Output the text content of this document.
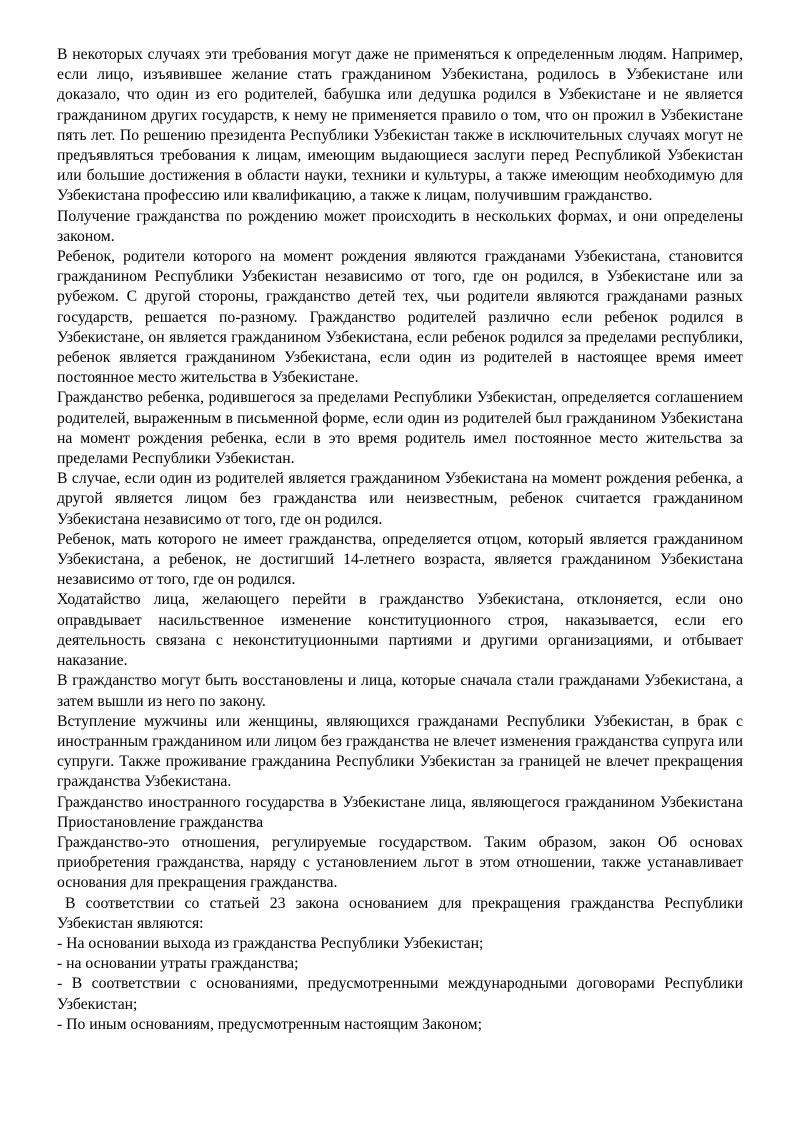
В некоторых случаях эти требования могут даже не применяться к определенным людям. Например, если лицо, изъявившее желание стать гражданином Узбекистана, родилось в Узбекистане или доказало, что один из его родителей, бабушка или дедушка родился в Узбекистане и не является гражданином других государств, к нему не применяется правило о том, что он прожил в Узбекистане пять лет. По решению президента Республики Узбекистан также в исключительных случаях могут не предъявляться требования к лицам, имеющим выдающиеся заслуги перед Республикой Узбекистан или большие достижения в области науки, техники и культуры, а также имеющим необходимую для Узбекистана профессию или квалификацию, а также к лицам, получившим гражданство.

Получение гражданства по рождению может происходить в нескольких формах, и они определены законом.

Ребенок, родители которого на момент рождения являются гражданами Узбекистана, становится гражданином Республики Узбекистан независимо от того, где он родился, в Узбекистане или за рубежом. С другой стороны, гражданство детей тех, чьи родители являются гражданами разных государств, решается по-разному. Гражданство родителей различно если ребенок родился в Узбекистане, он является гражданином Узбекистана, если ребенок родился за пределами республики, ребенок является гражданином Узбекистана, если один из родителей в настоящее время имеет постоянное место жительства в Узбекистане.

Гражданство ребенка, родившегося за пределами Республики Узбекистан, определяется соглашением родителей, выраженным в письменной форме, если один из родителей был гражданином Узбекистана на момент рождения ребенка, если в это время родитель имел постоянное место жительства за пределами Республики Узбекистан.

В случае, если один из родителей является гражданином Узбекистана на момент рождения ребенка, а другой является лицом без гражданства или неизвестным, ребенок считается гражданином Узбекистана независимо от того, где он родился.

Ребенок, мать которого не имеет гражданства, определяется отцом, который является гражданином Узбекистана, а ребенок, не достигший 14-летнего возраста, является гражданином Узбекистана независимо от того, где он родился.

Ходатайство лица, желающего перейти в гражданство Узбекистана, отклоняется, если оно оправдывает насильственное изменение конституционного строя, наказывается, если его деятельность связана с неконституционными партиями и другими организациями, и отбывает наказание.

В гражданство могут быть восстановлены и лица, которые сначала стали гражданами Узбекистана, а затем вышли из него по закону.

Вступление мужчины или женщины, являющихся гражданами Республики Узбекистан, в брак с иностранным гражданином или лицом без гражданства не влечет изменения гражданства супруга или супруги. Также проживание гражданина Республики Узбекистан за границей не влечет прекращения гражданства Узбекистана.

Гражданство иностранного государства в Узбекистане лица, являющегося гражданином Узбекистана Приостановление гражданства

Гражданство-это отношения, регулируемые государством. Таким образом, закон Об основах приобретения гражданства, наряду с установлением льгот в этом отношении, также устанавливает основания для прекращения гражданства.

В соответствии со статьей 23 закона основанием для прекращения гражданства Республики Узбекистан являются:

- На основании выхода из гражданства Республики Узбекистан;

- на основании утраты гражданства;

- В соответствии с основаниями, предусмотренными международными договорами Республики Узбекистан;

- По иным основаниям, предусмотренным настоящим Законом;
